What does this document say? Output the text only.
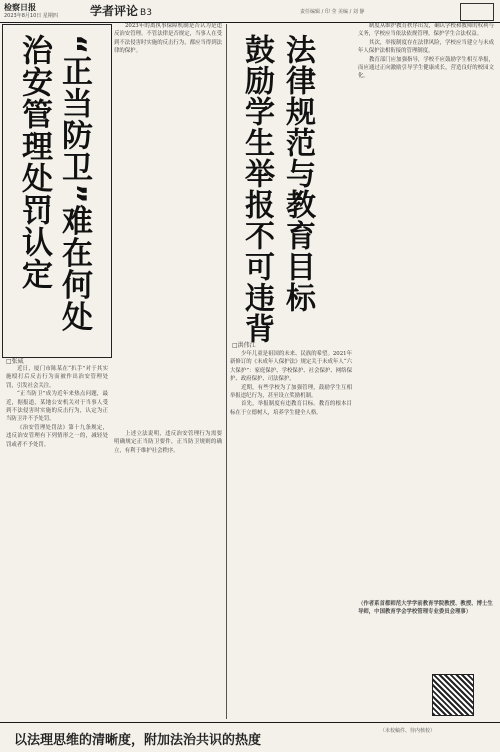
检察日报
2023年8月10日 星期四	学者评论 B3	责任编辑 / 印 莹 美编 / 刘 静
“正当防卫”难在何处
治安管理处罚认定
□张威

近日，厦门市陈某在“扒手”对于其实施殴打后反击行为而被作出治安管理处罚，引发社会关注。

“正当防卫”成为近年来热点问题，最近，据报道，某地公安机关对于当事人受到不法侵害时实施的反击行为，认定为正当防卫并不予处罚。

《治安管理处罚法》第十九条规定，违反治安管理有下列情形之一的，减轻处罚或者不予处罚。

2023年的离执事保障机制是否认为是违反治安管理。不管法律是否规定，当事人在受到不法侵害时实施的反击行为，都应当得到法律的保护。

上述立法说明，违反治安管理行为需要明确规定正当防卫要件，正当防卫规则的确立，有利于维护社会秩序。

法律规范与教育目标
鼓励学生举报不可违背
□洪伟江

少年儿童是祖国的未来、民族的希望。2021年新修订的《未成年人保护法》规定关于未成年人“六大保护”：家庭保护、学校保护、社会保护、网络保护、政府保护、司法保护。

近期，有些学校为了加强管理，鼓励学生互相举报违纪行为，甚至设立奖励机制。

首先，举报制度有违教育目标。教育的根本目标在于立德树人，培养学生健全人格。

制度从维护教育秩序出发，确认学校和教师的权利与义务，学校应当依法依规管理，保护学生合法权益。

其次，举报制度存在法律风险，学校应当建立与未成年人保护法相衔接的管理制度。

教育部门应加强指导，学校不应鼓励学生相互举报，而应通过正向激励引导学生健康成长，营造良好的校园文化。

（作者系首都师范大学学前教育学院教授、教授、博士生导师，中国教育学会学校管理专业委员会理事）
以法理思维的清晰度，附加法治共识的热度
（未校稿件、待内核校）
